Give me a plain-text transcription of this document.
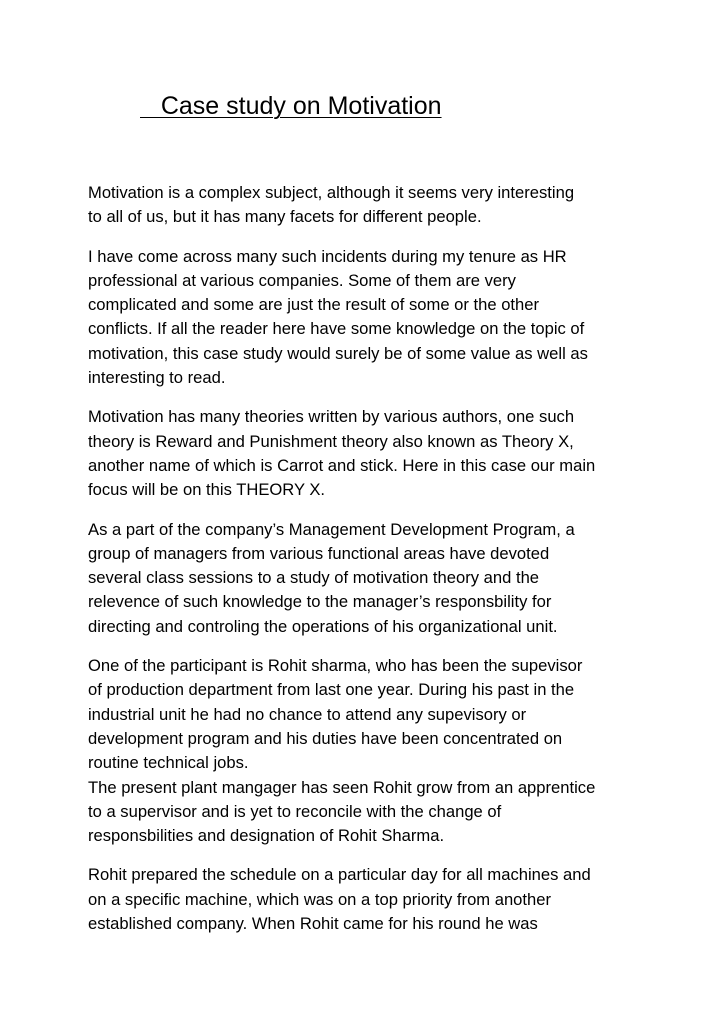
Case study on Motivation

Motivation is a complex subject, although it seems very interesting
to all of us, but it has many facets for different people.

I have come across many such incidents during my tenure as HR
professional at various companies. Some of them are very
complicated and some are just the result of some or the other
conflicts. If all the reader here have some knowledge on the topic of
motivation, this case study would surely be of some value as well as
interesting to read.

Motivation has many theories written by various authors, one such
theory is Reward and Punishment theory also known as Theory X,
another name of which is Carrot and stick. Here in this case our main
focus will be on this THEORY X.

As a part of the company’s Management Development Program, a
group of managers from various functional areas have devoted
several class sessions to a study of motivation theory and the
relevence of such knowledge to the manager’s responsbility for
directing and controling the operations of his organizational unit.

One of the participant is Rohit sharma, who has been the supevisor
of production department from last one year. During his past in the
industrial unit he had no chance to attend any supevisory or
development program and his duties have been concentrated on
routine technical jobs.
The present plant mangager has seen Rohit grow from an apprentice
to a supervisor and is yet to reconcile with the change of
responsbilities and designation of Rohit Sharma.

Rohit prepared the schedule on a particular day for all machines and
on a specific machine, which was on a top priority from another
established company. When Rohit came for his round he was
